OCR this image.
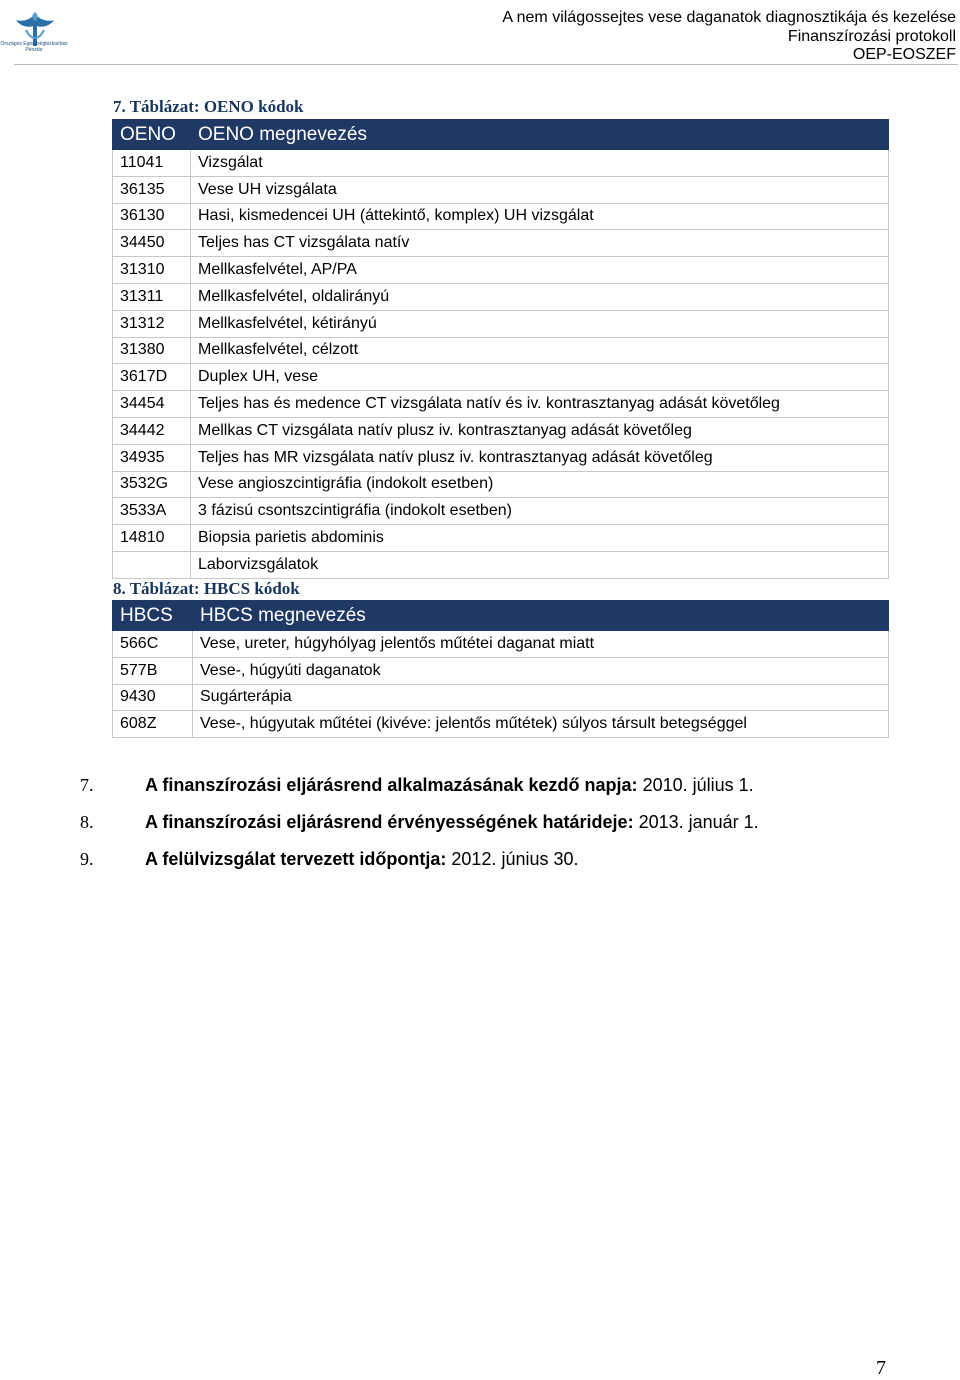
Országos Egészségbiztosítási Pénztár
A nem világossejtes vese daganatok diagnosztikája és kezelése
Finanszírozási protokoll
OEP-EOSZEF
7. Táblázat: OENO kódok
OENO	OENO megnevezés
11041	Vizsgálat
36135	Vese UH vizsgálata
36130	Hasi, kismedencei UH (áttekintő, komplex) UH vizsgálat
34450	Teljes has CT vizsgálata natív
31310	Mellkasfelvétel, AP/PA
31311	Mellkasfelvétel, oldalirányú
31312	Mellkasfelvétel, kétirányú
31380	Mellkasfelvétel, célzott
3617D	Duplex UH, vese
34454	Teljes has és medence CT vizsgálata natív és iv. kontrasztanyag adását követőleg
34442	Mellkas CT vizsgálata natív plusz iv. kontrasztanyag adását követőleg
34935	Teljes has MR vizsgálata natív plusz iv. kontrasztanyag adását követőleg
3532G	Vese angioszcintigráfia (indokolt esetben)
3533A	3 fázisú csontszcintigráfia (indokolt esetben)
14810	Biopsia parietis abdominis
	Laborvizsgálatok
8. Táblázat: HBCS kódok
HBCS	HBCS megnevezés
566C	Vese, ureter, húgyhólyag jelentős műtétei daganat miatt
577B	Vese-, húgyúti daganatok
9430	Sugárterápia
608Z	Vese-, húgyutak műtétei (kivéve: jelentős műtétek) súlyos társult betegséggel
7.	A finanszírozási eljárásrend alkalmazásának kezdő napja: 2010. július 1.
8.	A finanszírozási eljárásrend érvényességének határideje: 2013. január 1.
9.	A felülvizsgálat tervezett időpontja: 2012. június 30.
7
